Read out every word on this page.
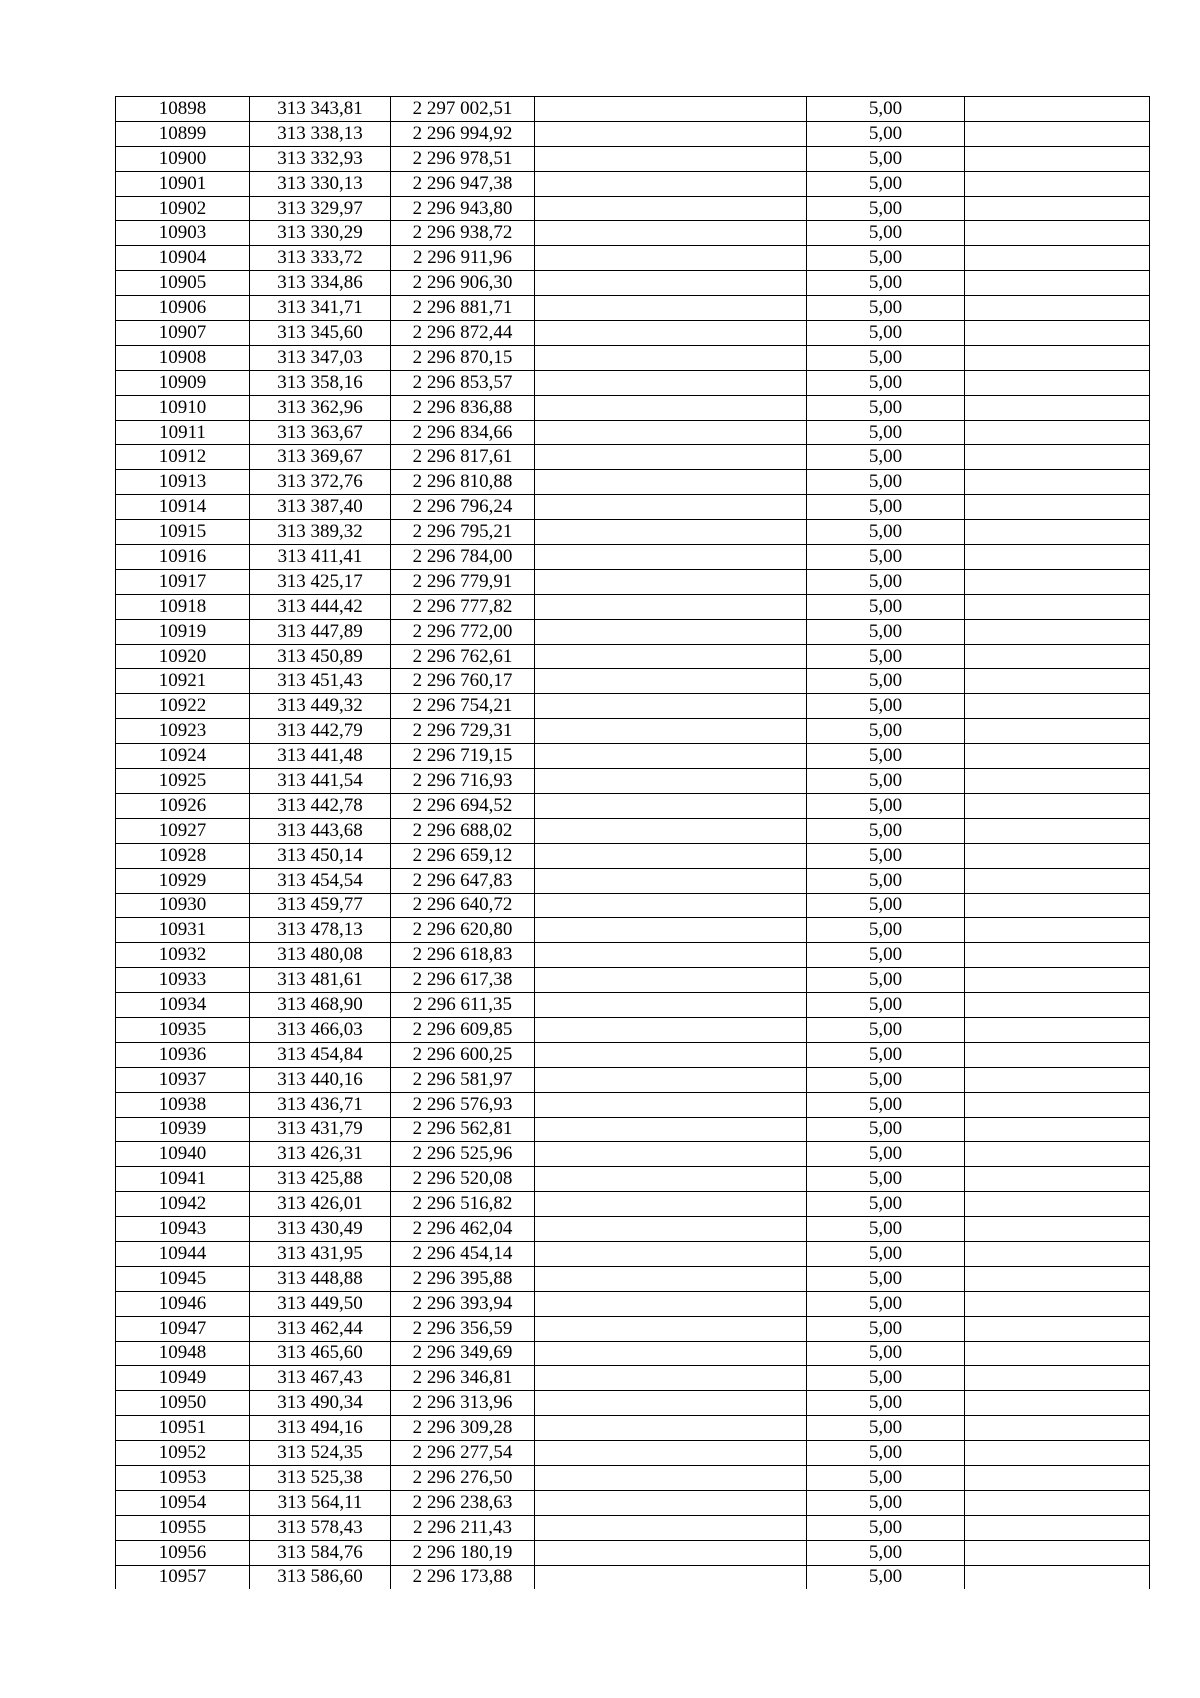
10898	313 343,81	2 297 002,51		5,00	
10899	313 338,13	2 296 994,92		5,00	
10900	313 332,93	2 296 978,51		5,00	
10901	313 330,13	2 296 947,38		5,00	
10902	313 329,97	2 296 943,80		5,00	
10903	313 330,29	2 296 938,72		5,00	
10904	313 333,72	2 296 911,96		5,00	
10905	313 334,86	2 296 906,30		5,00	
10906	313 341,71	2 296 881,71		5,00	
10907	313 345,60	2 296 872,44		5,00	
10908	313 347,03	2 296 870,15		5,00	
10909	313 358,16	2 296 853,57		5,00	
10910	313 362,96	2 296 836,88		5,00	
10911	313 363,67	2 296 834,66		5,00	
10912	313 369,67	2 296 817,61		5,00	
10913	313 372,76	2 296 810,88		5,00	
10914	313 387,40	2 296 796,24		5,00	
10915	313 389,32	2 296 795,21		5,00	
10916	313 411,41	2 296 784,00		5,00	
10917	313 425,17	2 296 779,91		5,00	
10918	313 444,42	2 296 777,82		5,00	
10919	313 447,89	2 296 772,00		5,00	
10920	313 450,89	2 296 762,61		5,00	
10921	313 451,43	2 296 760,17		5,00	
10922	313 449,32	2 296 754,21		5,00	
10923	313 442,79	2 296 729,31		5,00	
10924	313 441,48	2 296 719,15		5,00	
10925	313 441,54	2 296 716,93		5,00	
10926	313 442,78	2 296 694,52		5,00	
10927	313 443,68	2 296 688,02		5,00	
10928	313 450,14	2 296 659,12		5,00	
10929	313 454,54	2 296 647,83		5,00	
10930	313 459,77	2 296 640,72		5,00	
10931	313 478,13	2 296 620,80		5,00	
10932	313 480,08	2 296 618,83		5,00	
10933	313 481,61	2 296 617,38		5,00	
10934	313 468,90	2 296 611,35		5,00	
10935	313 466,03	2 296 609,85		5,00	
10936	313 454,84	2 296 600,25		5,00	
10937	313 440,16	2 296 581,97		5,00	
10938	313 436,71	2 296 576,93		5,00	
10939	313 431,79	2 296 562,81		5,00	
10940	313 426,31	2 296 525,96		5,00	
10941	313 425,88	2 296 520,08		5,00	
10942	313 426,01	2 296 516,82		5,00	
10943	313 430,49	2 296 462,04		5,00	
10944	313 431,95	2 296 454,14		5,00	
10945	313 448,88	2 296 395,88		5,00	
10946	313 449,50	2 296 393,94		5,00	
10947	313 462,44	2 296 356,59		5,00	
10948	313 465,60	2 296 349,69		5,00	
10949	313 467,43	2 296 346,81		5,00	
10950	313 490,34	2 296 313,96		5,00	
10951	313 494,16	2 296 309,28		5,00	
10952	313 524,35	2 296 277,54		5,00	
10953	313 525,38	2 296 276,50		5,00	
10954	313 564,11	2 296 238,63		5,00	
10955	313 578,43	2 296 211,43		5,00	
10956	313 584,76	2 296 180,19		5,00	
10957	313 586,60	2 296 173,88		5,00	
